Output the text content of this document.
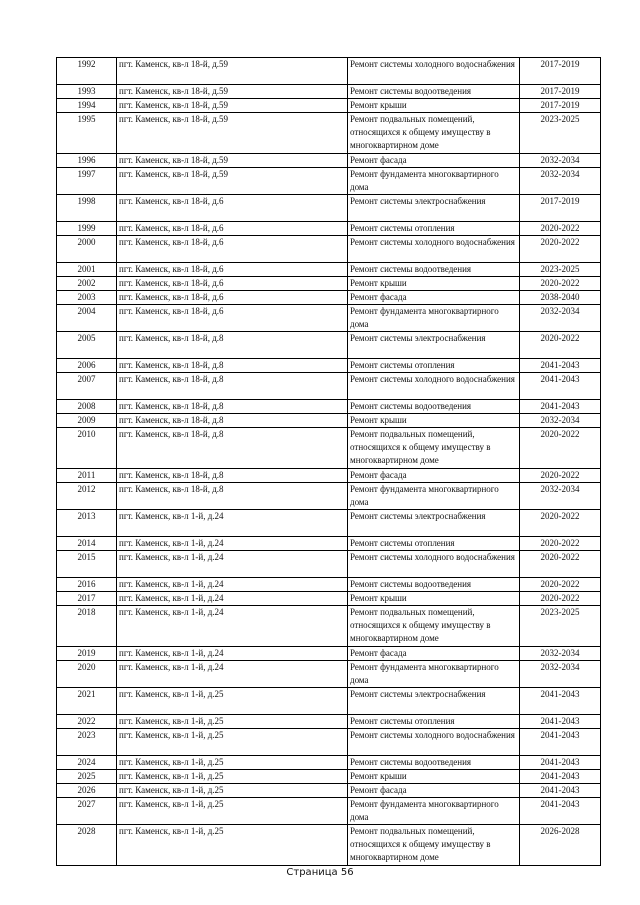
1992	пгт. Каменск, кв-л 18-й, д.59	Ремонт системы холодного водоснабжения	2017-2019
1993	пгт. Каменск, кв-л 18-й, д.59	Ремонт системы водоотведения	2017-2019
1994	пгт. Каменск, кв-л 18-й, д.59	Ремонт крыши	2017-2019
1995	пгт. Каменск, кв-л 18-й, д.59	Ремонт подвальных помещений, относящихся к общему имуществу в многоквартирном доме	2023-2025
1996	пгт. Каменск, кв-л 18-й, д.59	Ремонт фасада	2032-2034
1997	пгт. Каменск, кв-л 18-й, д.59	Ремонт фундамента многоквартирного дома	2032-2034
1998	пгт. Каменск, кв-л 18-й, д.6	Ремонт системы электроснабжения	2017-2019
1999	пгт. Каменск, кв-л 18-й, д.6	Ремонт системы отопления	2020-2022
2000	пгт. Каменск, кв-л 18-й, д.6	Ремонт системы холодного водоснабжения	2020-2022
2001	пгт. Каменск, кв-л 18-й, д.6	Ремонт системы водоотведения	2023-2025
2002	пгт. Каменск, кв-л 18-й, д.6	Ремонт крыши	2020-2022
2003	пгт. Каменск, кв-л 18-й, д.6	Ремонт фасада	2038-2040
2004	пгт. Каменск, кв-л 18-й, д.6	Ремонт фундамента многоквартирного дома	2032-2034
2005	пгт. Каменск, кв-л 18-й, д.8	Ремонт системы электроснабжения	2020-2022
2006	пгт. Каменск, кв-л 18-й, д.8	Ремонт системы отопления	2041-2043
2007	пгт. Каменск, кв-л 18-й, д.8	Ремонт системы холодного водоснабжения	2041-2043
2008	пгт. Каменск, кв-л 18-й, д.8	Ремонт системы водоотведения	2041-2043
2009	пгт. Каменск, кв-л 18-й, д.8	Ремонт крыши	2032-2034
2010	пгт. Каменск, кв-л 18-й, д.8	Ремонт подвальных помещений, относящихся к общему имуществу в многоквартирном доме	2020-2022
2011	пгт. Каменск, кв-л 18-й, д.8	Ремонт фасада	2020-2022
2012	пгт. Каменск, кв-л 18-й, д.8	Ремонт фундамента многоквартирного дома	2032-2034
2013	пгт. Каменск, кв-л 1-й, д.24	Ремонт системы электроснабжения	2020-2022
2014	пгт. Каменск, кв-л 1-й, д.24	Ремонт системы отопления	2020-2022
2015	пгт. Каменск, кв-л 1-й, д.24	Ремонт системы холодного водоснабжения	2020-2022
2016	пгт. Каменск, кв-л 1-й, д.24	Ремонт системы водоотведения	2020-2022
2017	пгт. Каменск, кв-л 1-й, д.24	Ремонт крыши	2020-2022
2018	пгт. Каменск, кв-л 1-й, д.24	Ремонт подвальных помещений, относящихся к общему имуществу в многоквартирном доме	2023-2025
2019	пгт. Каменск, кв-л 1-й, д.24	Ремонт фасада	2032-2034
2020	пгт. Каменск, кв-л 1-й, д.24	Ремонт фундамента многоквартирного дома	2032-2034
2021	пгт. Каменск, кв-л 1-й, д.25	Ремонт системы электроснабжения	2041-2043
2022	пгт. Каменск, кв-л 1-й, д.25	Ремонт системы отопления	2041-2043
2023	пгт. Каменск, кв-л 1-й, д.25	Ремонт системы холодного водоснабжения	2041-2043
2024	пгт. Каменск, кв-л 1-й, д.25	Ремонт системы водоотведения	2041-2043
2025	пгт. Каменск, кв-л 1-й, д.25	Ремонт крыши	2041-2043
2026	пгт. Каменск, кв-л 1-й, д.25	Ремонт фасада	2041-2043
2027	пгт. Каменск, кв-л 1-й, д.25	Ремонт фундамента многоквартирного дома	2041-2043
2028	пгт. Каменск, кв-л 1-й, д.25	Ремонт подвальных помещений, относящихся к общему имуществу в многоквартирном доме	2026-2028
Страница 56
